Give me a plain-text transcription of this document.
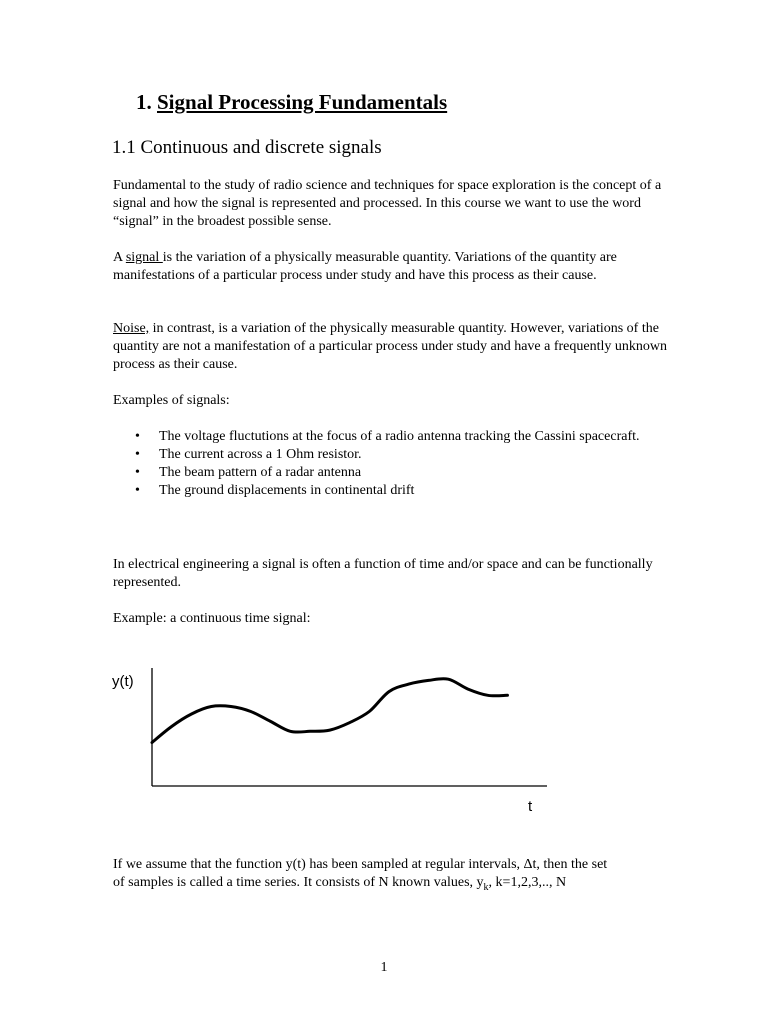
1. Signal Processing Fundamentals
1.1 Continuous and discrete signals

Fundamental to the study of radio science and techniques for space exploration is the concept of a signal and how the signal is represented and processed. In this course we want to use the word “signal” in the broadest possible sense.

A signal is the variation of a physically measurable quantity. Variations of the quantity are manifestations of a particular process under study and have this process as their cause.

Noise, in contrast, is a variation of the physically measurable quantity. However, variations of the quantity are not a manifestation of a particular process under study and have a frequently unknown process as their cause.

Examples of signals:

• The voltage fluctutions at the focus of a radio antenna tracking the Cassini spacecraft.
• The current across a 1 Ohm resistor.
• The beam pattern of a radar antenna
• The ground displacements in continental drift

In electrical engineering a signal is often a function of time and/or space and can be functionally represented.

Example: a continuous time signal:

y(t)
t

If we assume that the function y(t) has been sampled at regular intervals, Δt, then the set
of samples is called a time series. It consists of N known values, $y_k$, k=1,2,3,.., N

1
